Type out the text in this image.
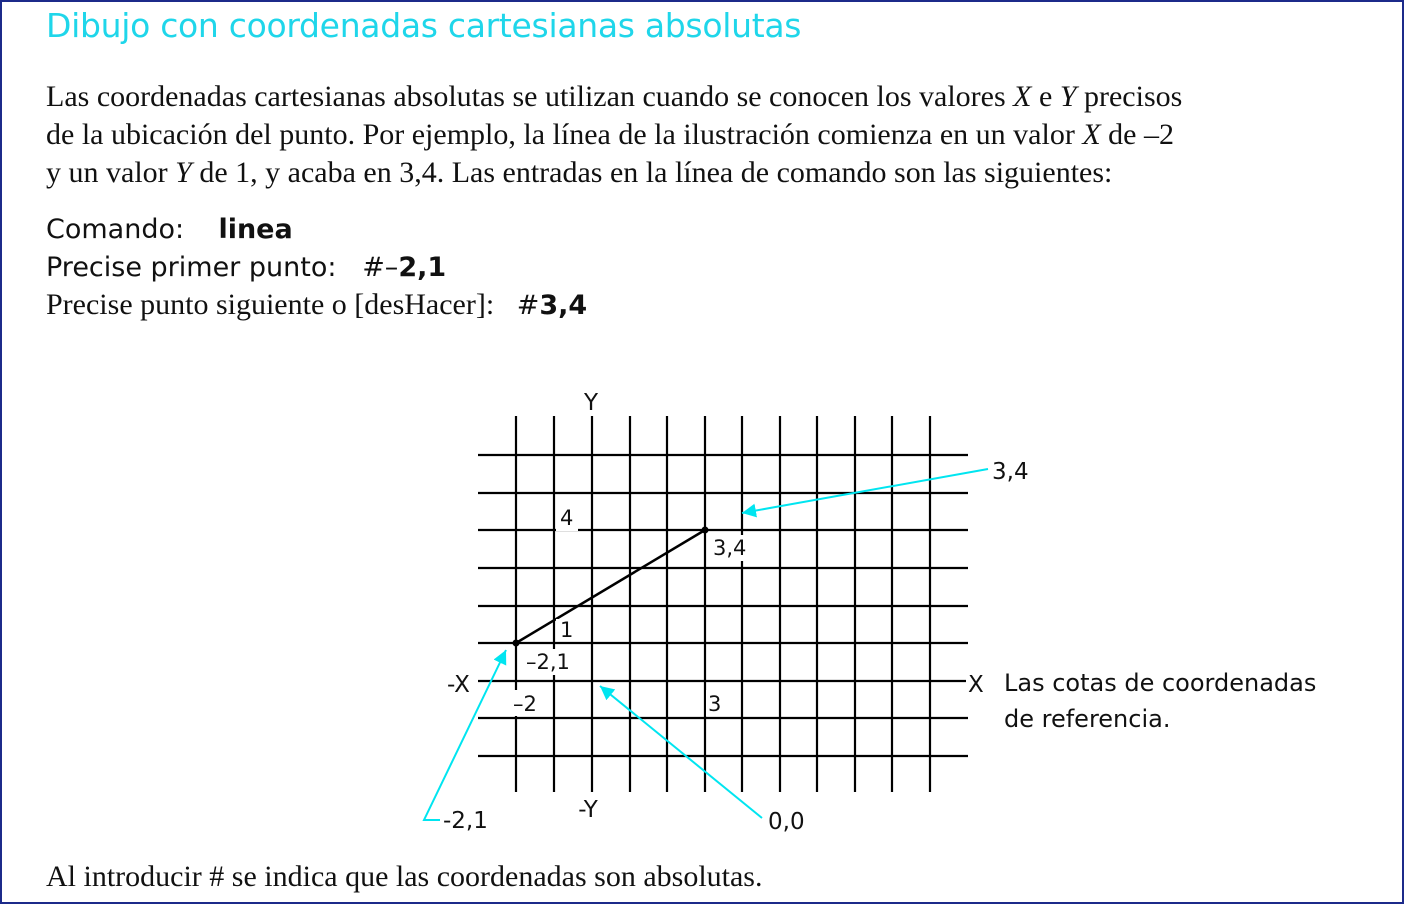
Dibujo con coordenadas cartesianas absolutas
Las coordenadas cartesianas absolutas se utilizan cuando se conocen los valores X e Y precisos
de la ubicación del punto. Por ejemplo, la línea de la ilustración comienza en un valor X de –2
y un valor Y de 1, y acaba en 3,4. Las entradas en la línea de comando son las siguientes:
Comando: linea
Precise primer punto: #–2,1
Precise punto siguiente o [desHacer]: #3,4
Y
-Y
X
-X
4
1
–2	3
–2,1
3,4
3,4
-2,1	0,0
Las cotas de coordenadas
de referencia.
Al introducir # se indica que las coordenadas son absolutas.
